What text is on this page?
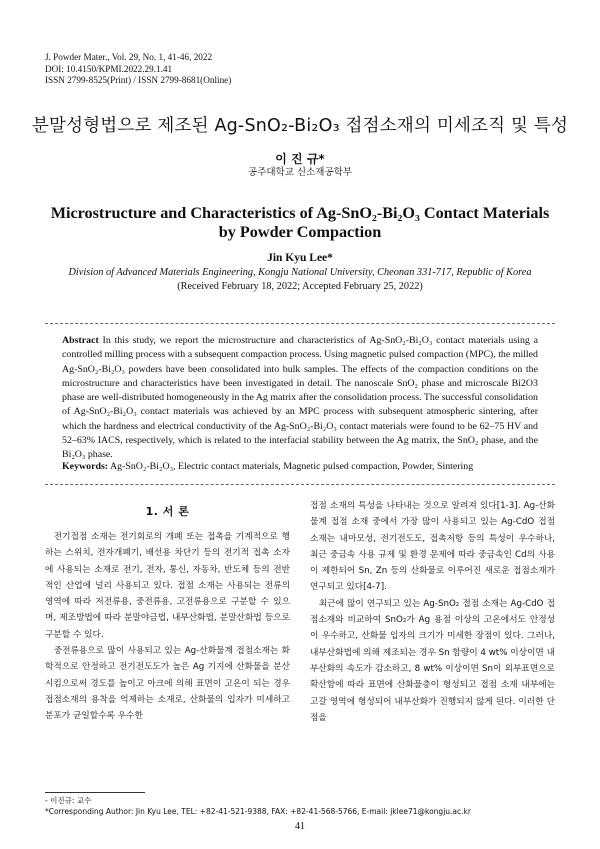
J. Powder Mater., Vol. 29, No. 1, 41-46, 2022
DOI: 10.4150/KPMI.2022.29.1.41
ISSN 2799-8525(Print) / ISSN 2799-8681(Online)
분말성형법으로 제조된 Ag-SnO₂-Bi₂O₃ 접점소재의 미세조직 및 특성
이 진 규*
공주대학교 신소재공학부
Microstructure and Characteristics of Ag-SnO₂-Bi₂O₃ Contact Materials
by Powder Compaction
Jin Kyu Lee*
Division of Advanced Materials Engineering, Kongju National University, Cheonan 331-717, Republic of Korea
(Received February 18, 2022; Accepted February 25, 2022)
Abstract In this study, we report the microstructure and characteristics of Ag-SnO₂-Bi₂O₃ contact materials using a controlled milling process with a subsequent compaction process. Using magnetic pulsed compaction (MPC), the milled Ag-SnO₂-Bi₂O₃ powders have been consolidated into bulk samples. The effects of the compaction conditions on the microstructure and characteristics have been investigated in detail. The nanoscale SnO₂ phase and microscale Bi2O3 phase are well-distributed homogeneously in the Ag matrix after the consolidation process. The successful consolidation of Ag-SnO₂-Bi₂O₃ contact materials was achieved by an MPC process with subsequent atmospheric sintering, after which the hardness and electrical conductivity of the Ag-SnO₂-Bi₂O₃ contact materials were found to be 62–75 HV and 52–63% IACS, respectively, which is related to the interfacial stability between the Ag matrix, the SnO₂ phase, and the Bi₂O₃ phase.
Keywords: Ag-SnO₂-Bi₂O₃, Electric contact materials, Magnetic pulsed compaction, Powder, Sintering
1. 서 론

전기접점 소재는 전기회로의 개폐 또는 접촉을 기계적으로 행하는 스위치, 전자개폐기, 배선용 차단기 등의 전기적 접촉 소자에 사용되는 소재로 전기, 전자, 통신, 자동차, 반도체 등의 전반적인 산업에 널리 사용되고 있다. 접점 소재는 사용되는 전류의 영역에 따라 저전류용, 중전류용, 고전류용으로 구분할 수 있으며, 제조방법에 따라 분말야금법, 내부산화법, 분말산화법 등으로 구분할 수 있다.

중전류용으로 많이 사용되고 있는 Ag-산화물계 접점소재는 화학적으로 안정하고 전기전도도가 높은 Ag 기지에 산화물을 분산시킴으로써 경도를 높이고 아크에 의해 표면이 고온이 되는 경우 접점소재의 용착을 억제하는 소재로, 산화물의 입자가 미세하고 분포가 균일할수록 우수한

접점 소재의 특성을 나타내는 것으로 알려져 있다[1-3]. Ag-산화물계 접점 소재 중에서 가장 많이 사용되고 있는 Ag-CdO 접점 소재는 내마모성, 전기전도도, 접촉저항 등의 특성이 우수하나, 최근 중금속 사용 규제 및 환경 문제에 따라 중금속인 Cd의 사용이 제한되어 Sn, Zn 등의 산화물로 이루어진 새로운 접점소재가 연구되고 있다[4-7].

최근에 많이 연구되고 있는 Ag-SnO₂ 접점 소재는 Ag-CdO 접점소재와 비교하여 SnO₂가 Ag 용점 이상의 고온에서도 안정성이 우수하고, 산화물 입자의 크기가 미세한 장점이 있다. 그러나, 내부산화법에 의해 제조되는 경우 Sn 함량이 4 wt% 이상이면 내부산화의 속도가 감소하고, 8 wt% 이상이면 Sn이 외부표면으로 확산함에 따라 표면에 산화물층이 형성되고 접점 소재 내부에는 고갈 영역에 형성되어 내부산화가 진행되지 않게 된다. 이러한 단점을

- 이진규: 교수
*Corresponding Author: Jin Kyu Lee, TEL: +82-41-521-9388, FAX: +82-41-568-5766, E-mail: jklee71@kongju.ac.kr
41
